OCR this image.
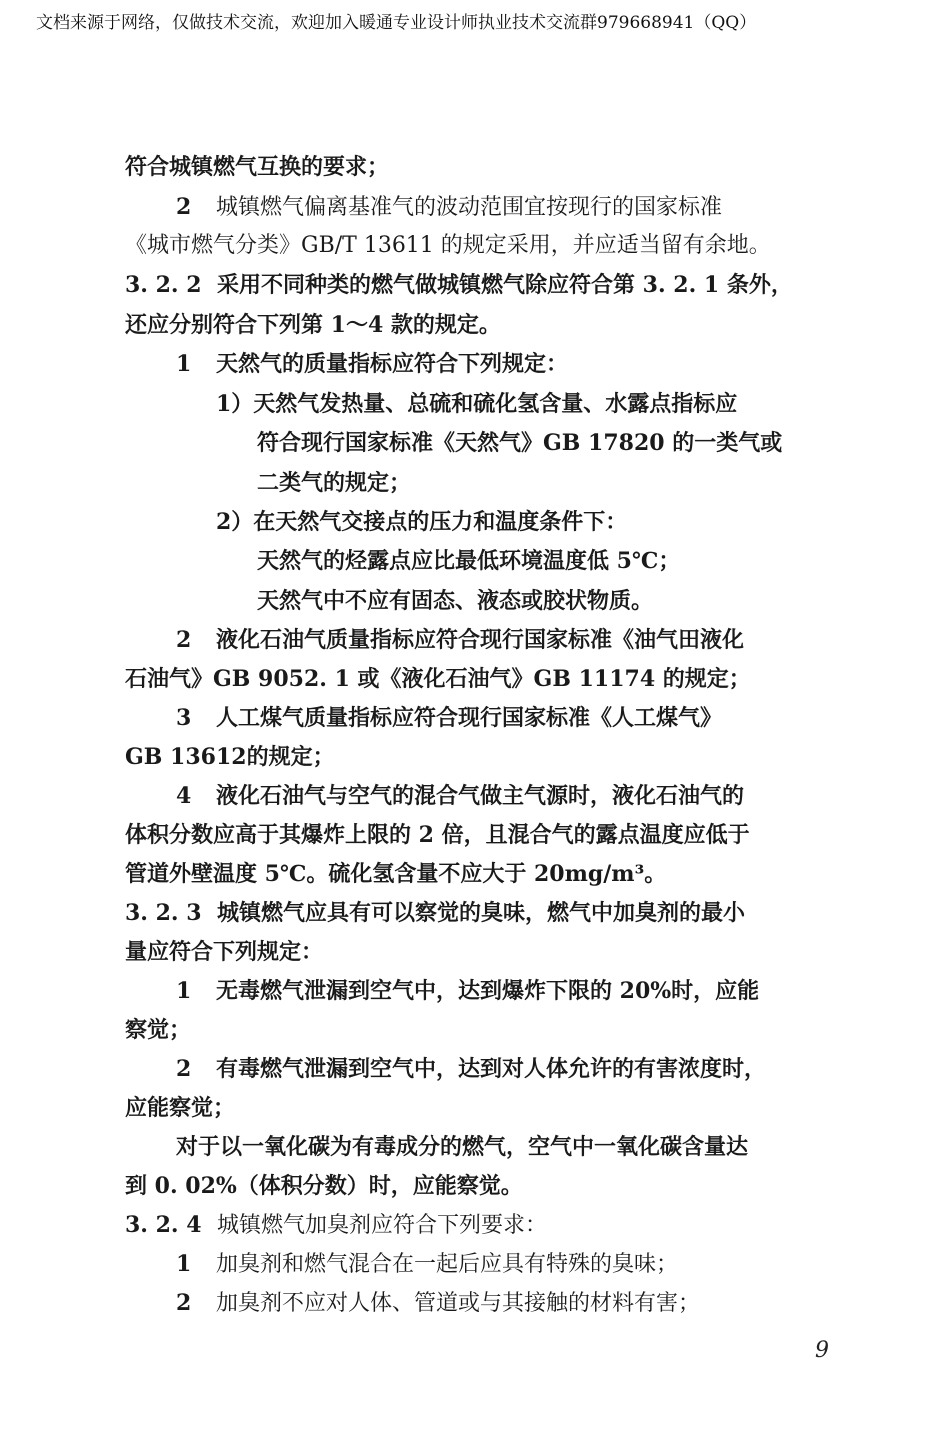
文档来源于网络，仅做技术交流，欢迎加入暖通专业设计师执业技术交流群979668941（QQ）
符合城镇燃气互换的要求；
2 城镇燃气偏离基准气的波动范围宜按现行的国家标准
《城市燃气分类》GB/T 13611 的规定采用，并应适当留有余地。
3. 2. 2 采用不同种类的燃气做城镇燃气除应符合第 3. 2. 1 条外，
还应分别符合下列第 1～4 款的规定。
1 天然气的质量指标应符合下列规定：
1）天然气发热量、总硫和硫化氢含量、水露点指标应
符合现行国家标准《天然气》GB 17820 的一类气或
二类气的规定；
2）在天然气交接点的压力和温度条件下：
天然气的烃露点应比最低环境温度低 5℃；
天然气中不应有固态、液态或胶状物质。
2 液化石油气质量指标应符合现行国家标准《油气田液化
石油气》GB 9052. 1 或《液化石油气》GB 11174 的规定；
3 人工煤气质量指标应符合现行国家标准《人工煤气》
GB 13612的规定；
4 液化石油气与空气的混合气做主气源时，液化石油气的
体积分数应高于其爆炸上限的 2 倍，且混合气的露点温度应低于
管道外壁温度 5℃。硫化氢含量不应大于 20mg/m³。
3. 2. 3 城镇燃气应具有可以察觉的臭味，燃气中加臭剂的最小
量应符合下列规定：
1 无毒燃气泄漏到空气中，达到爆炸下限的 20%时，应能
察觉；
2 有毒燃气泄漏到空气中，达到对人体允许的有害浓度时，
应能察觉；
对于以一氧化碳为有毒成分的燃气，空气中一氧化碳含量达
到 0. 02%（体积分数）时，应能察觉。
3. 2. 4 城镇燃气加臭剂应符合下列要求：
1 加臭剂和燃气混合在一起后应具有特殊的臭味；
2 加臭剂不应对人体、管道或与其接触的材料有害；
9
